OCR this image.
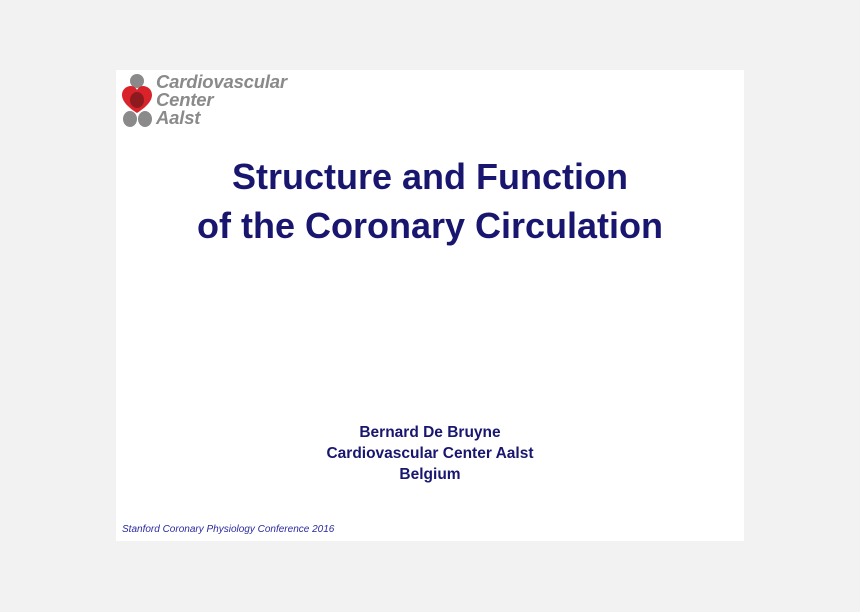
Cardiovascular
Center
Aalst
Structure and Function
of the Coronary Circulation
Bernard De Bruyne
Cardiovascular Center Aalst
Belgium
Stanford Coronary Physiology Conference 2016
